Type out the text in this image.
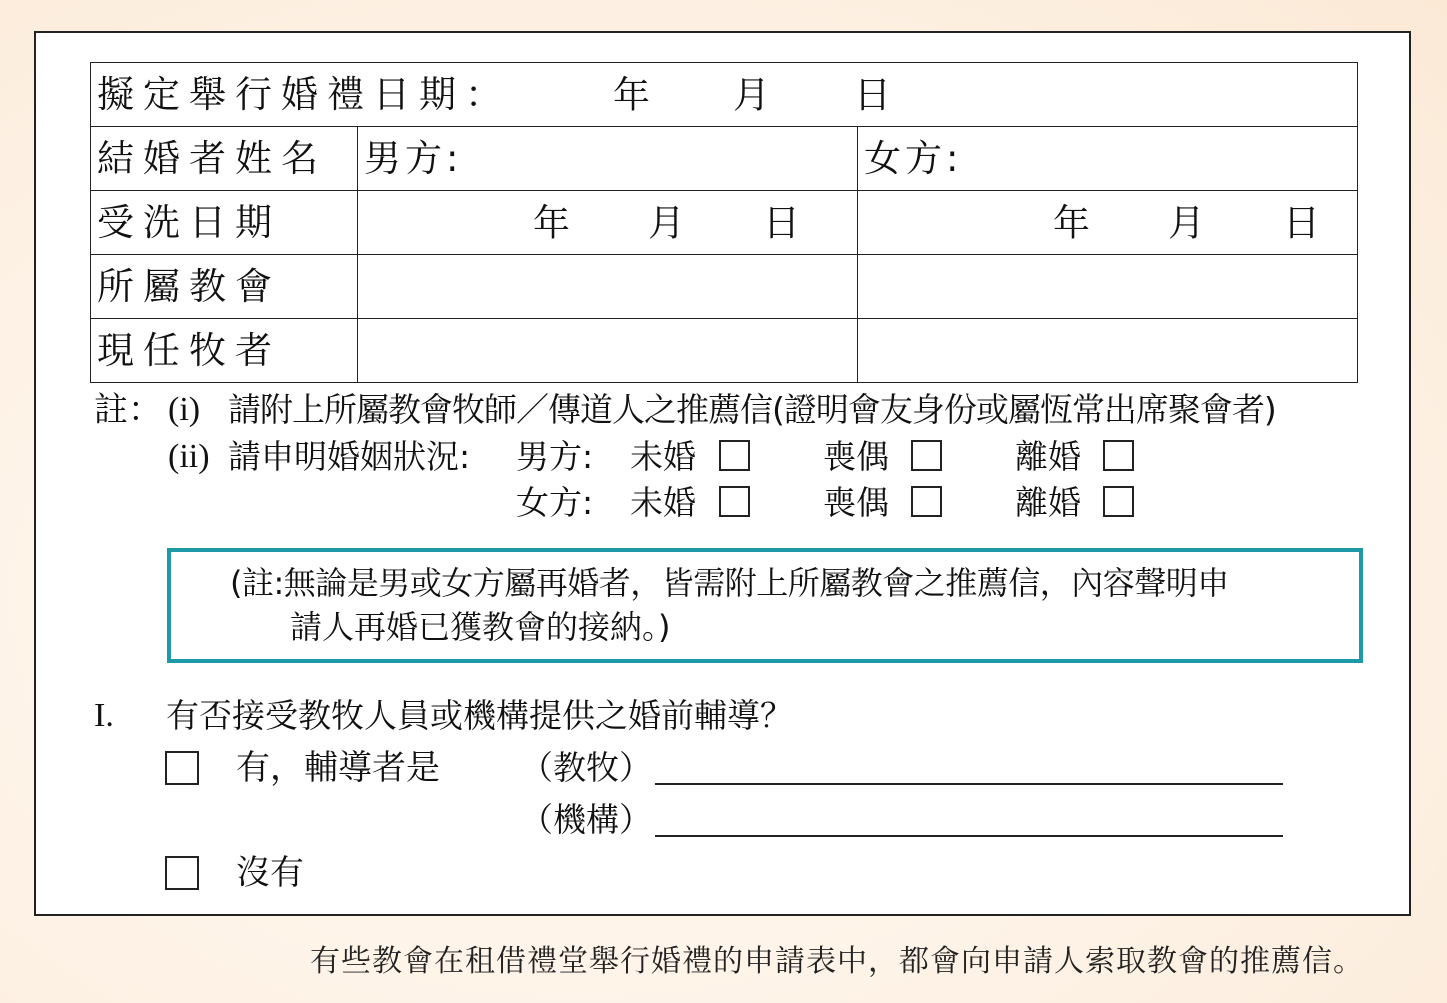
擬定舉行婚禮日期： 年 月 日		

結婚者姓名	男方:	女方:
受洗日期	年 月 日	年 月 日

所屬教會		
現任牧者		
註： (i) 請附上所屬教會牧師／傳道人之推薦信(證明會友身份或屬恆常出席聚會者)
(ii) 請申明婚姻狀況: 男方: 未婚	喪偶	離婚
女方: 未婚	喪偶	離婚
(註:無論是男或女方屬再婚者，皆需附上所屬教會之推薦信，內容聲明申
請人再婚已獲教會的接納。)
I. 有否接受教牧人員或機構提供之婚前輔導？
有，輔導者是 （教牧）
（機構）
沒有
有些教會在租借禮堂舉行婚禮的申請表中，都會向申請人索取教會的推薦信。
